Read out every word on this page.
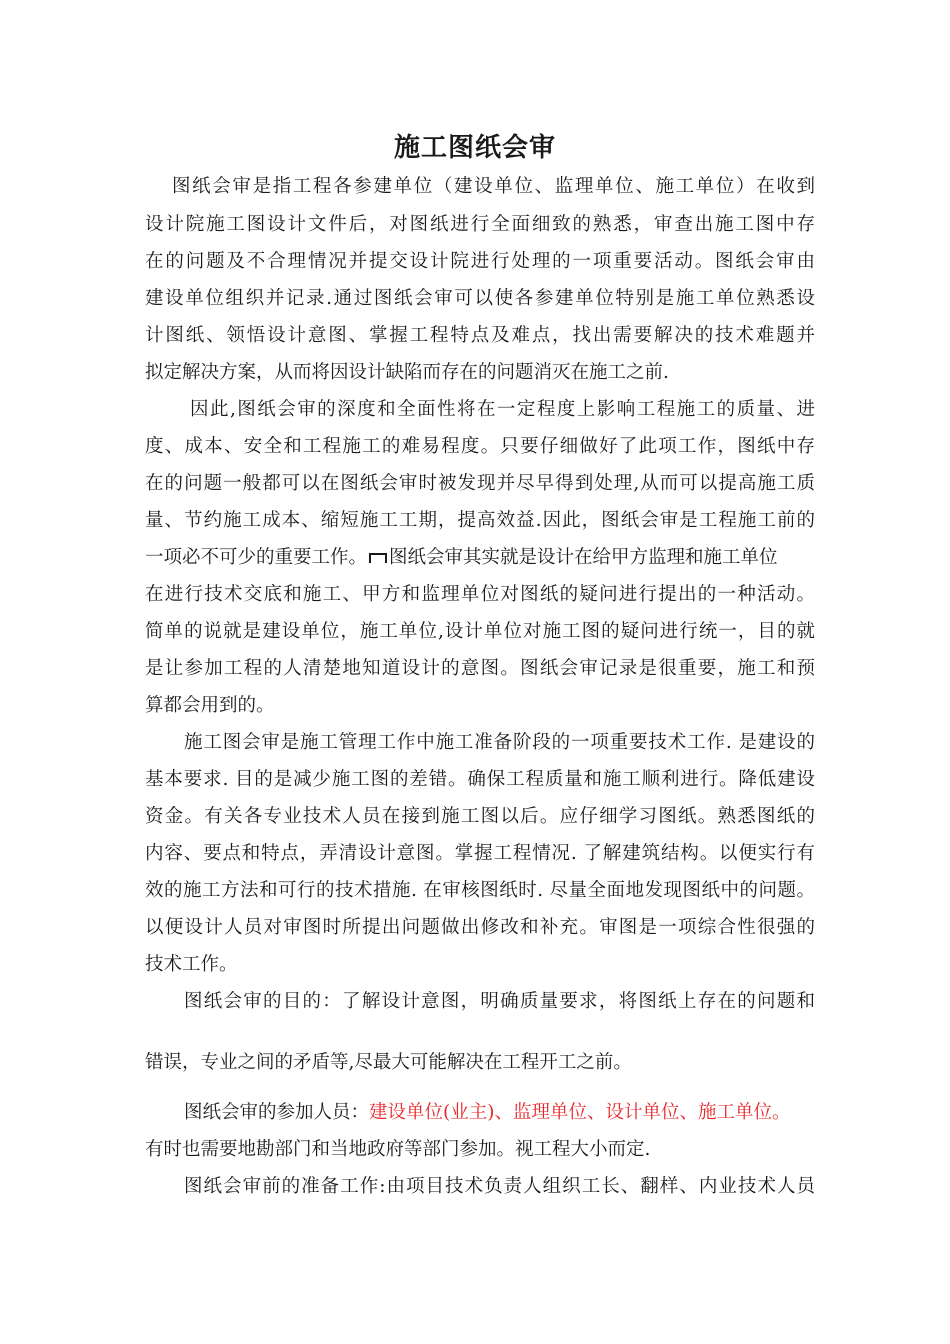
施工图纸会审

图纸会审是指工程各参建单位（建设单位、监理单位、施工单位）在收到

设计院施工图设计文件后，对图纸进行全面细致的熟悉，审查出施工图中存

在的问题及不合理情况并提交设计院进行处理的一项重要活动。图纸会审由

建设单位组织并记录.通过图纸会审可以使各参建单位特别是施工单位熟悉设

计图纸、领悟设计意图、掌握工程特点及难点，找出需要解决的技术难题并

拟定解决方案，从而将因设计缺陷而存在的问题消灭在施工之前.

因此,图纸会审的深度和全面性将在一定程度上影响工程施工的质量、进

度、成本、安全和工程施工的难易程度。只要仔细做好了此项工作，图纸中存

在的问题一般都可以在图纸会审时被发现并尽早得到处理,从而可以提高施工质

量、节约施工成本、缩短施工工期，提高效益.因此，图纸会审是工程施工前的

一项必不可少的重要工作。 图纸会审其实就是设计在给甲方监理和施工单位

在进行技术交底和施工、甲方和监理单位对图纸的疑问进行提出的一种活动。

简单的说就是建设单位，施工单位,设计单位对施工图的疑问进行统一，目的就

是让参加工程的人清楚地知道设计的意图。图纸会审记录是很重要，施工和预

算都会用到的。

施工图会审是施工管理工作中施工准备阶段的一项重要技术工作. 是建设的

基本要求. 目的是减少施工图的差错。确保工程质量和施工顺利进行。降低建设

资金。有关各专业技术人员在接到施工图以后。应仔细学习图纸。熟悉图纸的

内容、要点和特点，弄清设计意图。掌握工程情况. 了解建筑结构。以便实行有

效的施工方法和可行的技术措施. 在审核图纸时. 尽量全面地发现图纸中的问题。

以便设计人员对审图时所提出问题做出修改和补充。审图是一项综合性很强的

技术工作。

图纸会审的目的：了解设计意图，明确质量要求，将图纸上存在的问题和

错误，专业之间的矛盾等,尽最大可能解决在工程开工之前。

图纸会审的参加人员：建设单位(业主)、监理单位、设计单位、施工单位。

有时也需要地勘部门和当地政府等部门参加。视工程大小而定.

图纸会审前的准备工作:由项目技术负责人组织工长、翻样、内业技术人员
